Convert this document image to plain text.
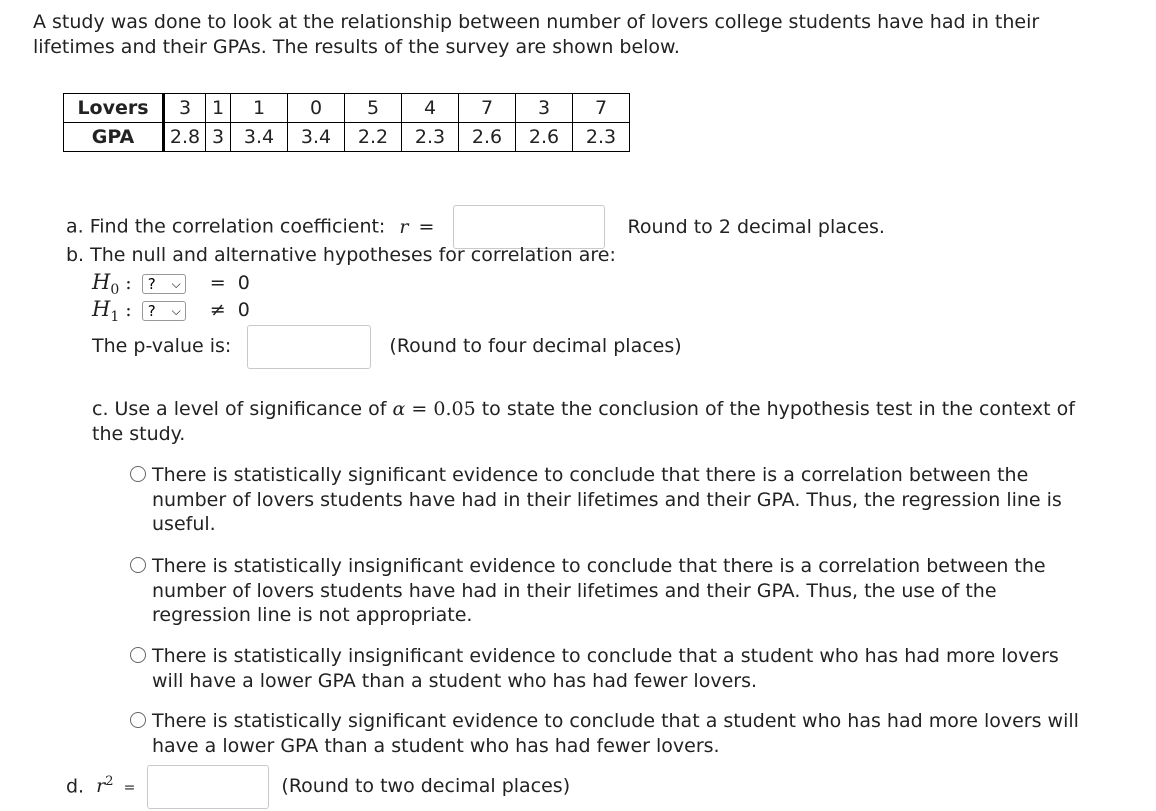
A study was done to look at the relationship between number of lovers college students have had in their lifetimes and their GPAs. The results of the survey are shown below.
Lovers	3	1	1	0	5	4	7	3	7
GPA	2.8	3	3.4	3.4	2.2	2.3	2.6	2.6	2.3
a. Find the correlation coefficient: r =	Round to 2 decimal places.
b. The null and alternative hypotheses for correlation are:
$H_0$ : ? ⌵ = 0
$H_1$ : ? ⌵ ≠ 0
The p-value is:	(Round to four decimal places)
c. Use a level of significance of α = 0.05 to state the conclusion of the hypothesis test in the context of the study.
There is statistically significant evidence to conclude that there is a correlation between the number of lovers students have had in their lifetimes and their GPA. Thus, the regression line is useful.
There is statistically insignificant evidence to conclude that there is a correlation between the number of lovers students have had in their lifetimes and their GPA. Thus, the use of the regression line is not appropriate.
There is statistically insignificant evidence to conclude that a student who has had more lovers will have a lower GPA than a student who has had fewer lovers.
There is statistically significant evidence to conclude that a student who has had more lovers will have a lower GPA than a student who has had fewer lovers.
d. $r^2$ =	(Round to two decimal places)
